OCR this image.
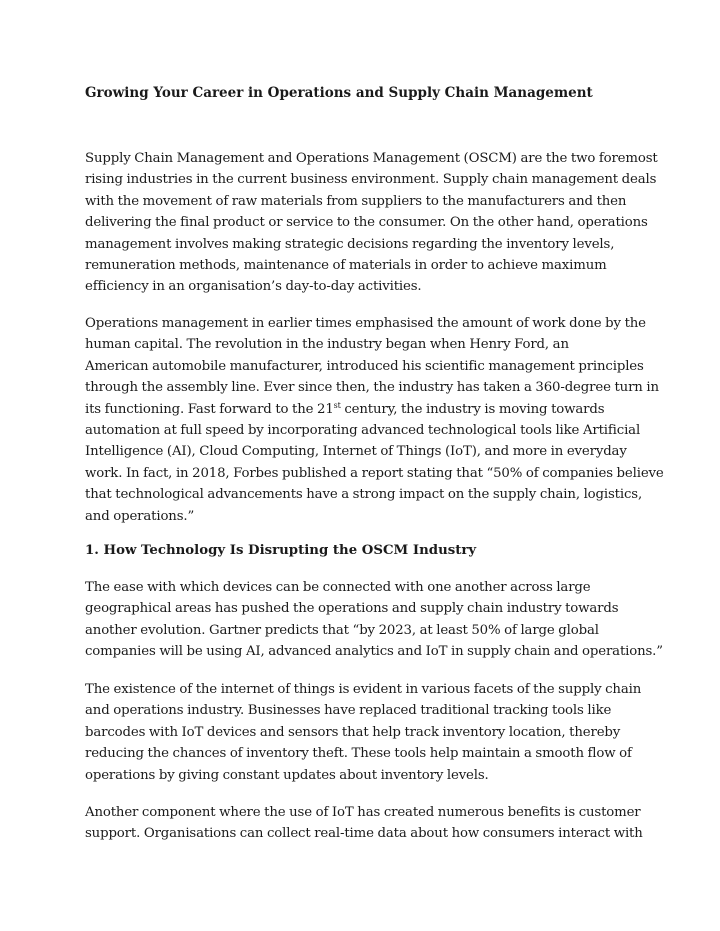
Growing Your Career in Operations and Supply Chain Management

Supply Chain Management and Operations Management (OSCM) are the two foremost
rising industries in the current business environment. Supply chain management deals
with the movement of raw materials from suppliers to the manufacturers and then
delivering the final product or service to the consumer. On the other hand, operations
management involves making strategic decisions regarding the inventory levels,
remuneration methods, maintenance of materials in order to achieve maximum
efficiency in an organisation’s day-to-day activities.

Operations management in earlier times emphasised the amount of work done by the
human capital. The revolution in the industry began when Henry Ford, an
American automobile manufacturer, introduced his scientific management principles
through the assembly line. Ever since then, the industry has taken a 360-degree turn in
its functioning. Fast forward to the 21st century, the industry is moving towards
automation at full speed by incorporating advanced technological tools like Artificial
Intelligence (AI), Cloud Computing, Internet of Things (IoT), and more in everyday
work. In fact, in 2018, Forbes published a report stating that “50% of companies believe
that technological advancements have a strong impact on the supply chain, logistics,
and operations.”

1. How Technology Is Disrupting the OSCM Industry

The ease with which devices can be connected with one another across large
geographical areas has pushed the operations and supply chain industry towards
another evolution. Gartner predicts that “by 2023, at least 50% of large global
companies will be using AI, advanced analytics and IoT in supply chain and operations.”

The existence of the internet of things is evident in various facets of the supply chain
and operations industry. Businesses have replaced traditional tracking tools like
barcodes with IoT devices and sensors that help track inventory location, thereby
reducing the chances of inventory theft. These tools help maintain a smooth flow of
operations by giving constant updates about inventory levels.

Another component where the use of IoT has created numerous benefits is customer
support. Organisations can collect real-time data about how consumers interact with
